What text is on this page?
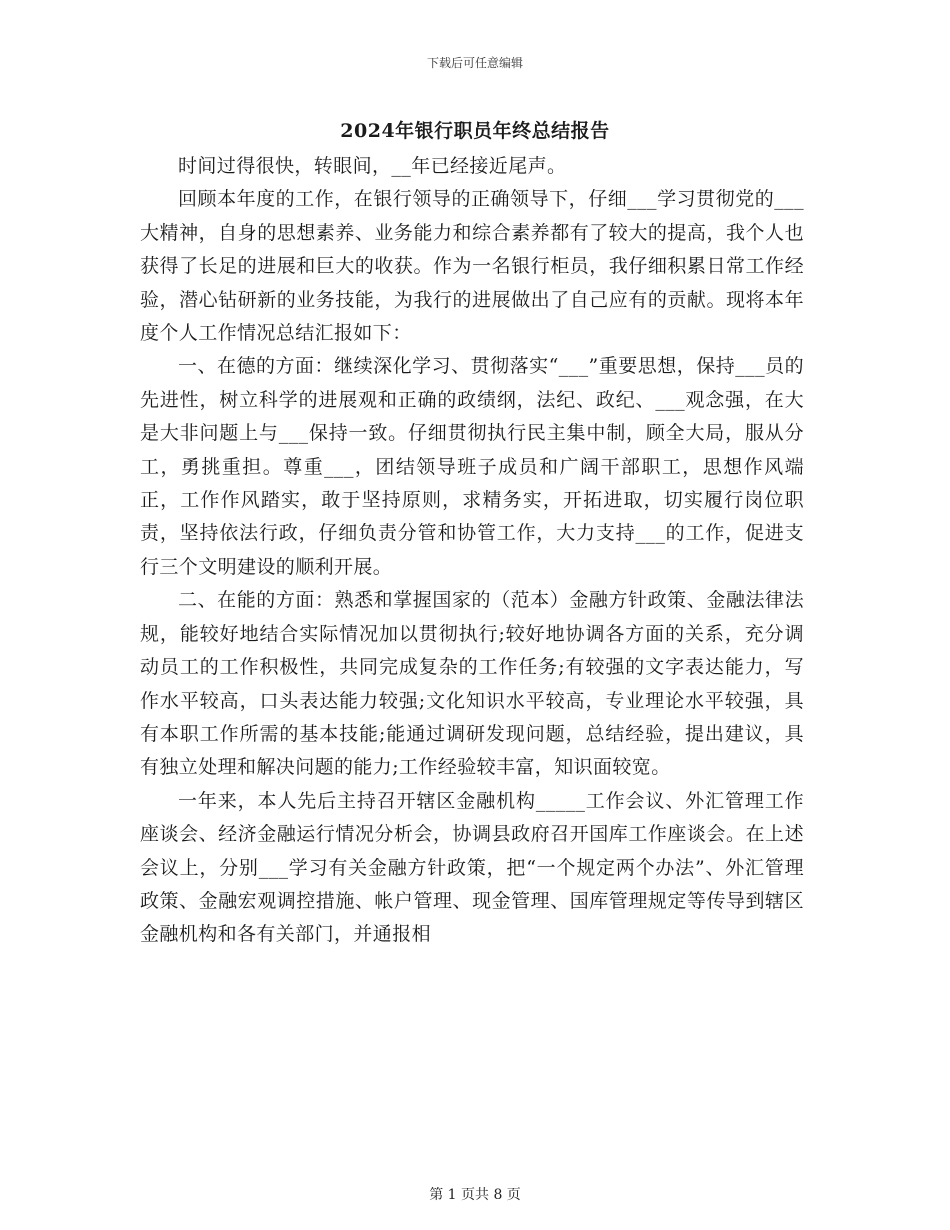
下载后可任意编辑
2024年银行职员年终总结报告

时间过得很快，转眼间，__年已经接近尾声。

回顾本年度的工作，在银行领导的正确领导下，仔细___学习贯彻党的___大精神，自身的思想素养、业务能力和综合素养都有了较大的提高，我个人也获得了长足的进展和巨大的收获。作为一名银行柜员，我仔细积累日常工作经验，潜心钻研新的业务技能，为我行的进展做出了自己应有的贡献。现将本年度个人工作情况总结汇报如下：

一、在德的方面：继续深化学习、贯彻落实“___”重要思想，保持___员的先进性，树立科学的进展观和正确的政绩纲，法纪、政纪、___观念强，在大是大非问题上与___保持一致。仔细贯彻执行民主集中制，顾全大局，服从分工，勇挑重担。尊重___，团结领导班子成员和广阔干部职工，思想作风端正，工作作风踏实，敢于坚持原则，求精务实，开拓进取，切实履行岗位职责，坚持依法行政，仔细负责分管和协管工作，大力支持___的工作，促进支行三个文明建设的顺利开展。

二、在能的方面：熟悉和掌握国家的（范本）金融方针政策、金融法律法规，能较好地结合实际情况加以贯彻执行;较好地协调各方面的关系，充分调动员工的工作积极性，共同完成复杂的工作任务;有较强的文字表达能力，写作水平较高，口头表达能力较强;文化知识水平较高，专业理论水平较强，具有本职工作所需的基本技能;能通过调研发现问题，总结经验，提出建议，具有独立处理和解决问题的能力;工作经验较丰富，知识面较宽。

一年来，本人先后主持召开辖区金融机构_____工作会议、外汇管理工作座谈会、经济金融运行情况分析会，协调县政府召开国库工作座谈会。在上述会议上，分别___学习有关金融方针政策，把“一个规定两个办法”、外汇管理政策、金融宏观调控措施、帐户管理、现金管理、国库管理规定等传导到辖区金融机构和各有关部门，并通报相

第 1 页共 8 页
